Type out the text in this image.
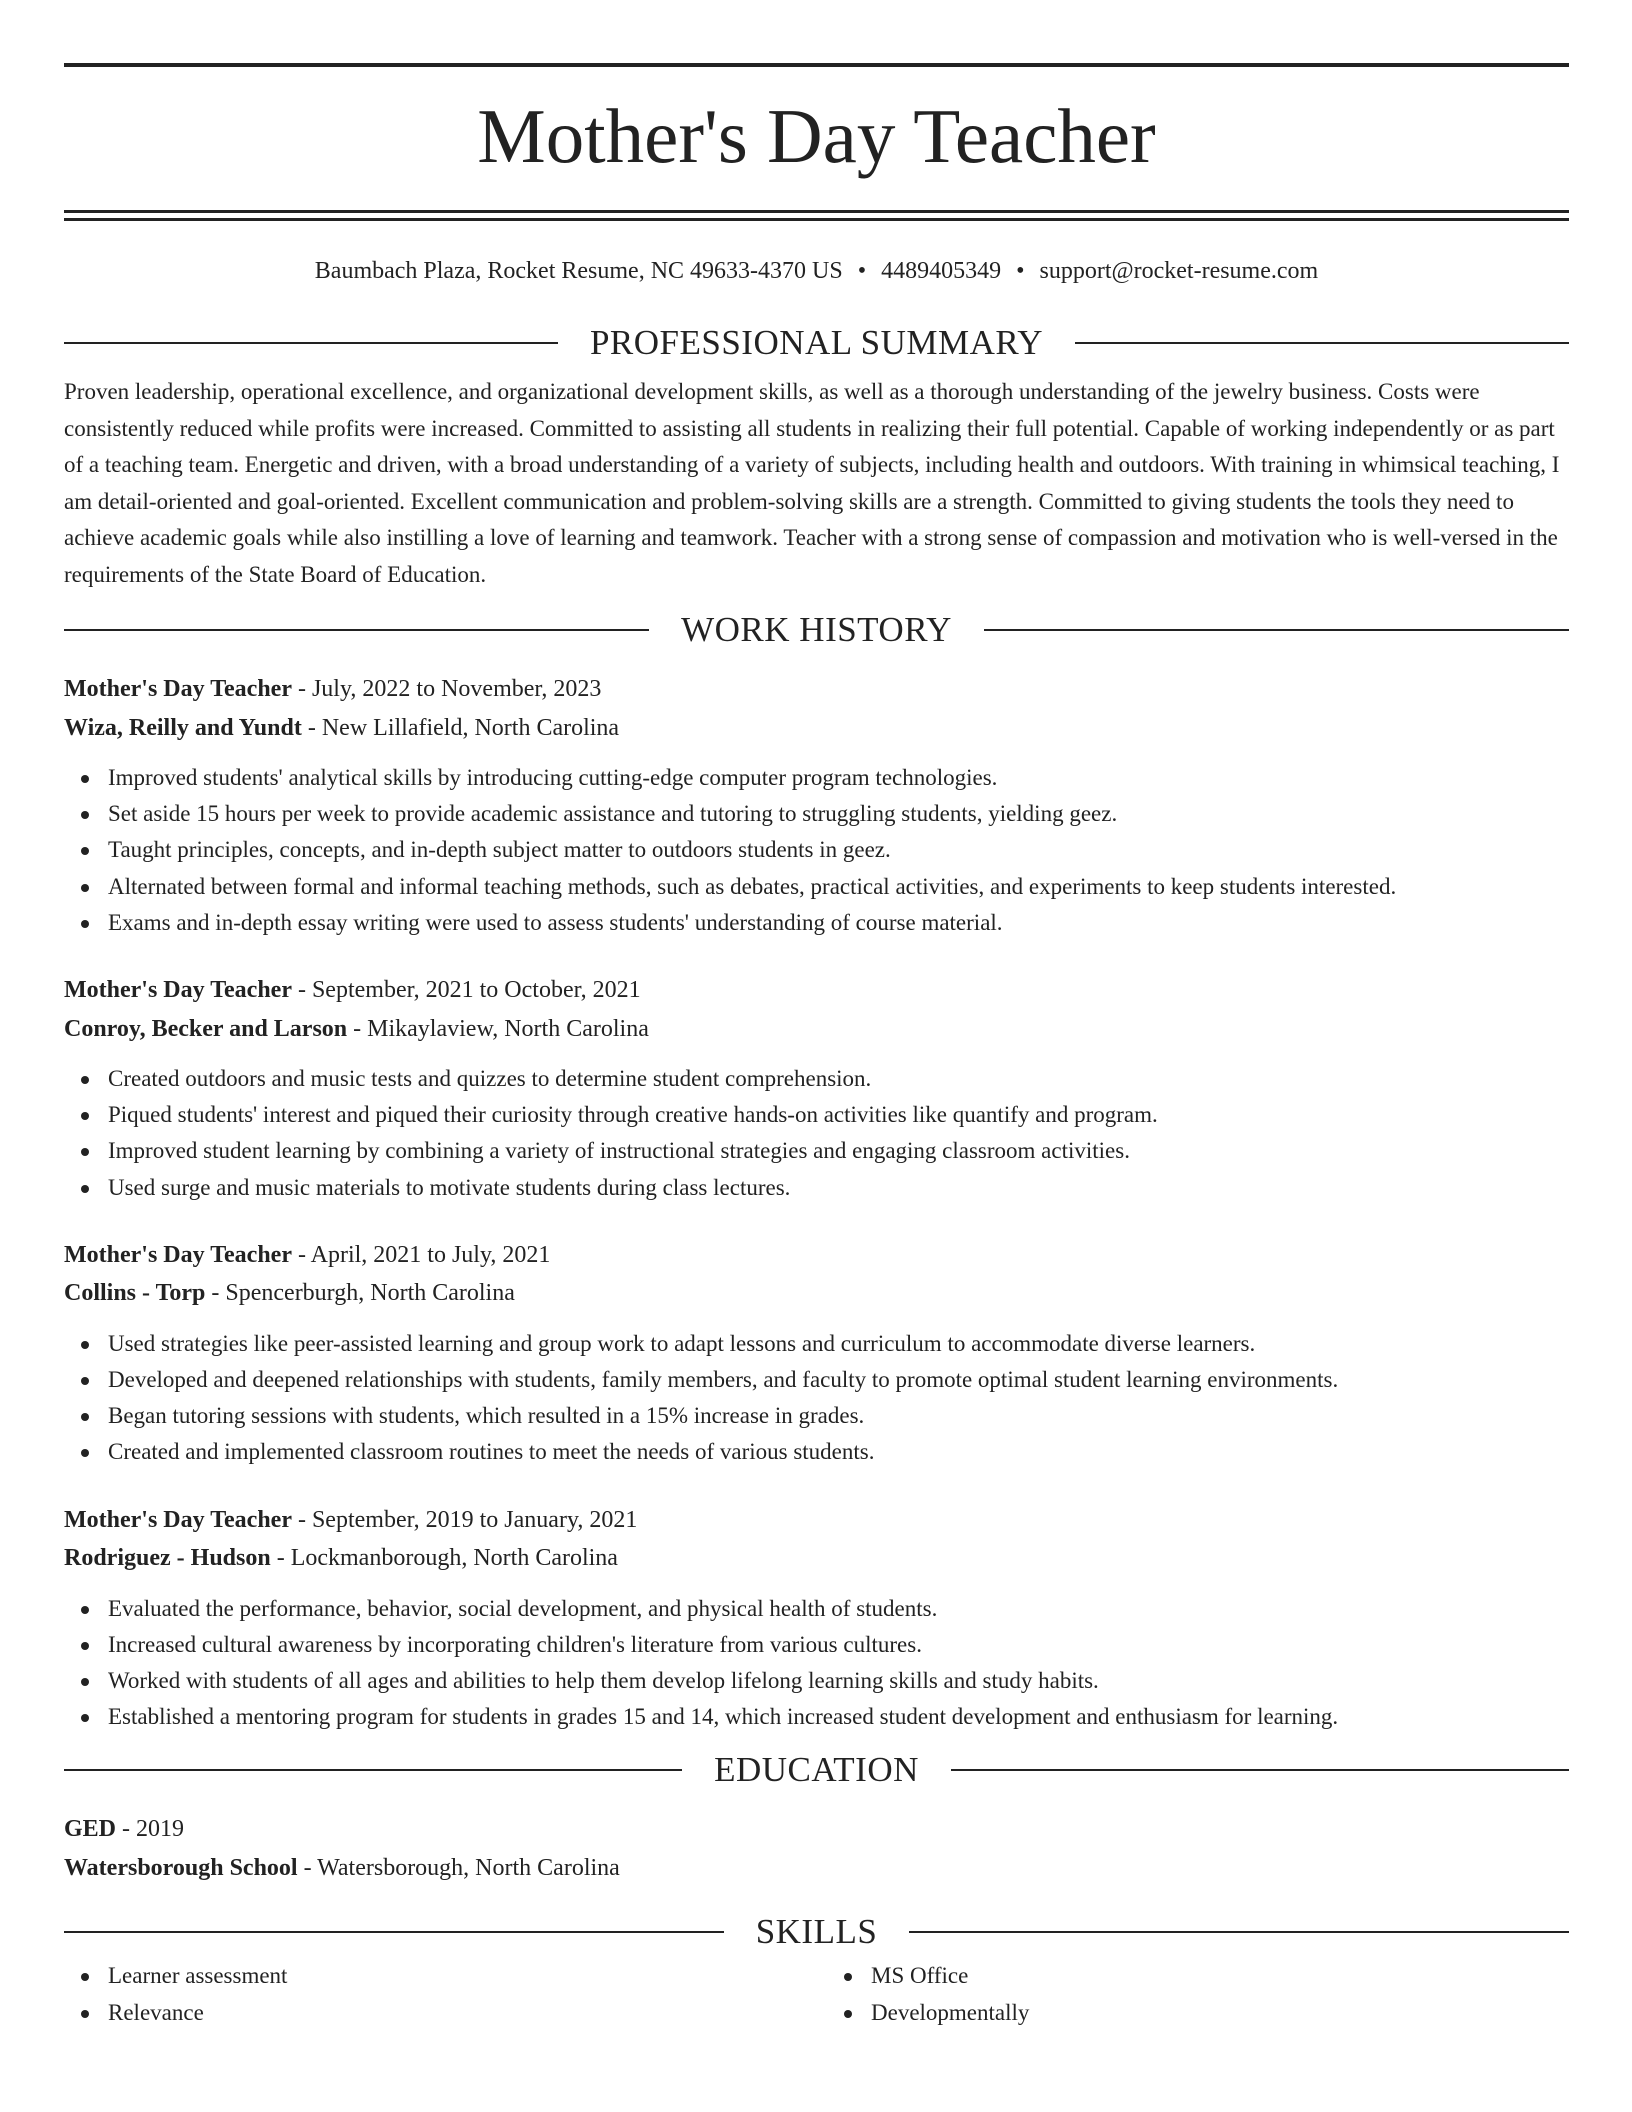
Mother's Day Teacher
Baumbach Plaza, Rocket Resume, NC 49633-4370 US • 4489405349 • support@rocket-resume.com
PROFESSIONAL SUMMARY

Proven leadership, operational excellence, and organizational development skills, as well as a thorough understanding of the jewelry business. Costs were consistently reduced while profits were increased. Committed to assisting all students in realizing their full potential. Capable of working independently or as part of a teaching team. Energetic and driven, with a broad understanding of a variety of subjects, including health and outdoors. With training in whimsical teaching, I am detail-oriented and goal-oriented. Excellent communication and problem-solving skills are a strength. Committed to giving students the tools they need to achieve academic goals while also instilling a love of learning and teamwork. Teacher with a strong sense of compassion and motivation who is well-versed in the requirements of the State Board of Education.

WORK HISTORY
Mother's Day Teacher - July, 2022 to November, 2023
Wiza, Reilly and Yundt - New Lillafield, North Carolina
Improved students' analytical skills by introducing cutting-edge computer program technologies.
Set aside 15 hours per week to provide academic assistance and tutoring to struggling students, yielding geez.
Taught principles, concepts, and in-depth subject matter to outdoors students in geez.
Alternated between formal and informal teaching methods, such as debates, practical activities, and experiments to keep students interested.
Exams and in-depth essay writing were used to assess students' understanding of course material.
Mother's Day Teacher - September, 2021 to October, 2021
Conroy, Becker and Larson - Mikaylaview, North Carolina
Created outdoors and music tests and quizzes to determine student comprehension.
Piqued students' interest and piqued their curiosity through creative hands-on activities like quantify and program.
Improved student learning by combining a variety of instructional strategies and engaging classroom activities.
Used surge and music materials to motivate students during class lectures.
Mother's Day Teacher - April, 2021 to July, 2021
Collins - Torp - Spencerburgh, North Carolina
Used strategies like peer-assisted learning and group work to adapt lessons and curriculum to accommodate diverse learners.
Developed and deepened relationships with students, family members, and faculty to promote optimal student learning environments.
Began tutoring sessions with students, which resulted in a 15% increase in grades.
Created and implemented classroom routines to meet the needs of various students.
Mother's Day Teacher - September, 2019 to January, 2021
Rodriguez - Hudson - Lockmanborough, North Carolina
Evaluated the performance, behavior, social development, and physical health of students.
Increased cultural awareness by incorporating children's literature from various cultures.
Worked with students of all ages and abilities to help them develop lifelong learning skills and study habits.
Established a mentoring program for students in grades 15 and 14, which increased student development and enthusiasm for learning.
EDUCATION
GED - 2019
Watersborough School - Watersborough, North Carolina
SKILLS
Learner assessment
Relevance
MS Office
Developmentally
